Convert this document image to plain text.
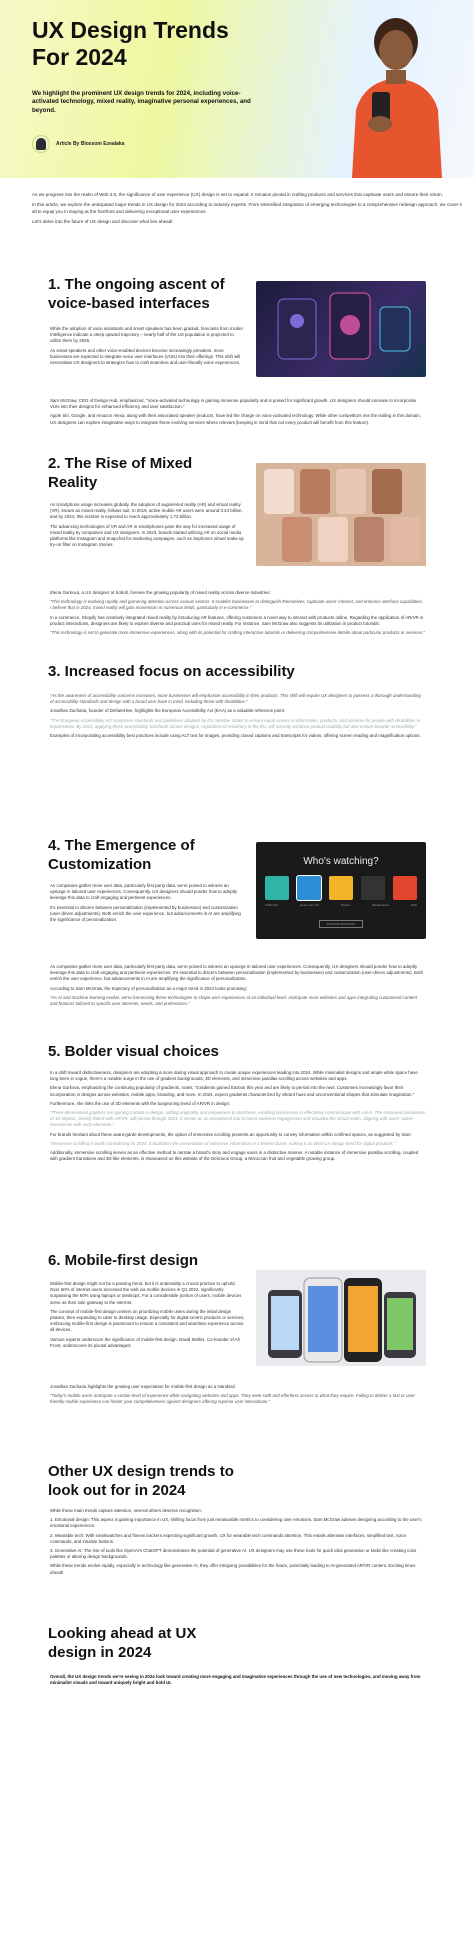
UX Design Trends For 2024
We highlight the prominent UX design trends for 2024, including voice-activated technology, mixed reality, imaginative personal experiences, and beyond.
Article By Blossom Ezealaka

As we progress into the realm of Web 3.0, the significance of user experience (UX) design is set to expand. It remains pivotal in crafting products and services that captivate users and ensure their return.

In this article, we explore the anticipated major trends in UX design for 2024 according to industry experts. From intensified integration of emerging technologies to a comprehensive redesign approach, we cover it all to equip you in staying at the forefront and delivering exceptional user experiences.

Let's delve into the future of UX design and discover what lies ahead!

1. The ongoing ascent of voice-based interfaces

While the adoption of voice assistants and smart speakers has been gradual, forecasts from Insider Intelligence indicate a steep upward trajectory – nearly half of the US population is projected to utilize them by 2026.

As smart speakers and other voice-enabled devices become increasingly prevalent, more businesses are expected to integrate voice user interfaces (VUIs) into their offerings. This shift will necessitate UX designers to strategize how to craft seamless and user-friendly voice experiences.

Sam McGraw, CEO of Design Hub, emphasized, "Voice-activated technology is gaining immense popularity and is poised for significant growth. UX designers should innovate to incorporate VUIs into their designs for enhanced efficiency and user satisfaction."

Apple Siri, Google, and Amazon Alexa, along with their associated speaker products, have led the charge on voice-activated technology. While other competitors rise the trailing in this domain, UX designers can explore imaginative ways to integrate these evolving services where relevant (keeping in mind that not every product will benefit from this feature).

2. The Rise of Mixed Reality

As smartphone usage increases globally, the adoption of augmented reality (AR) and virtual reality (VR), known as mixed reality, follows suit. In 2019, active mobile AR users were around 0.44 billion, and by 2024, this number is expected to reach approximately 1.73 billion.

The advancing technologies of VR and AR in smartphones pave the way for increased usage of mixed reality by companies and UX designers. In 2023, brands started utilizing AR on social media platforms like Instagram and Snapchat for marketing campaigns, such as Sephora's virtual make-up try-on filter on Instagram Stories.

Elena Gurkova, a UX designer at Sobolt, foresee the growing popularity of mixed reality across diverse industries:

"This technology is evolving rapidly and garnering attention across various sectors. It enables businesses to distinguish themselves, captivate users' interest, and enhance interface capabilities. I believe that in 2024, mixed reality will gain momentum in numerous fields, particularly in e-commerce."

In e-commerce, Shopify has creatively integrated mixed reality by introducing AR features, offering customers a novel way to interact with products online. Regarding the application of AR/VR in product interactions, designers are likely to explore diverse and practical uses for mixed reality. For instance, Sam McGraw also suggests its utilization in product tutorials:

"This technology is set to generate more immersive experiences, along with its potential for crafting interactive tutorials or delivering comprehensive details about particular products or services."

3. Increased focus on accessibility

"As the awareness of accessibility concerns increases, more businesses will emphasize accessibility in their products. This shift will require UX designers to possess a thorough understanding of accessibility standards and design with a broad user base in mind, including those with disabilities."

Jonathan Zacharia, founder of DefiantHive, highlights the European Accessibility Act (EAA) as a valuable reference point:

"The European Accessibility Act comprises standards and guidelines adopted by EU member states to ensure equal access to information, products, and services for people with disabilities or impairments. By 2024, applying these accessibility standards across designs, regardless of residency in the EU, will not only enhance product usability but also ensure broader accessibility."

Examples of incorporating accessibility best practices include using ALT text for images, providing closed captions and transcripts for videos, offering screen reading and magnification options.

4. The Emergence of Customization

As companies gather more user data, particularly first-party data, we're poised to witness an upsurge in tailored user experiences. Consequently, UX designers should ponder how to adeptly leverage this data to craft engaging and pertinent experiences.

It's essential to discern between personalization (implemented by businesses) and customization (user-driven adjustments). Both enrich the user experience, but advancements in AI are amplifying the significance of personalization.

Who's watching?
Child Sub	Hear more XP	Parent	Maintenance	Kids
MANAGE PROFILES

As companies gather more user data, particularly first-party data, we're poised to witness an upsurge in tailored user experiences. Consequently, UX designers should ponder how to adeptly leverage this data to craft engaging and pertinent experiences. It's essential to discern between personalization (implemented by businesses) and customization (user-driven adjustments). Both enrich the user experience, but advancements in AI are amplifying the significance of personalization.

According to Sam McGraw, the trajectory of personalization as a major trend in 2024 looks promising:

"As AI and machine learning evolve, we're harnessing these technologies to shape user experiences at an individual level. Anticipate more websites and apps integrating customized content and features tailored to specific user interests, needs, and preferences."

5. Bolder visual choices

In a shift toward distinctiveness, designers are adopting a more daring visual approach to create unique experiences leading into 2024. While minimalist designs and ample white space have long been in vogue, there's a notable surge in the use of gradient backgrounds, 3D elements, and immersive parallax scrolling across websites and apps.

Elena Gurkova, emphasizing the continuing popularity of gradients, notes, "Gradients gained traction this year and are likely to persist into the next. Customers increasingly favor their incorporation in designs across websites, mobile apps, branding, and more. In 2024, expect gradients characterized by vibrant hues and unconventional shapes that stimulate imagination."

Furthermore, she links the use of 3D elements with the burgeoning trend of AR/VR in design:

"Three-dimensional graphics are gaining traction in design, adding originality and uniqueness to interfaces, enabling businesses to effectively communicate with users. The continued prevalence of 3D objects, closely linked with AR/VR, will persist through 2024. It serves as an exceptional tool to boost audience engagement and visualize the virtual realm, aligning with users' active interactions with such elements."

For brands hesitant about these avant-garde developments, the option of immersive scrolling presents an opportunity to convey information within confined spaces, as suggested by Sam:

"Immersive scrolling is worth considering for 2024. It facilitates the presentation of extensive information in a limited space, making it an ideal UX design trend for digital products."

Additionally, immersive scrolling serves as an effective method to narrate a brand's story and engage users in a distinctive manner. A notable instance of immersive parallax scrolling, coupled with gradient transitions and 3D-like elements, is showcased on this website of the Delicious Group, a Moroccan fruit and vegetable growing group.

6. Mobile-first design

Mobile-first design might not be a passing trend, but it is undeniably a crucial practice to uphold. Over 60% of internet users accessed the web via mobile devices in Q1 2022, significantly surpassing the 60% using laptops or desktops. For a considerable portion of users, mobile devices serve as their sole gateway to the internet.

The concept of mobile-first design centers on prioritizing mobile users during the initial design phases, then expanding to cater to desktop usage. Especially for digital-centric products or services, embracing mobile-first design is paramount to ensure a consistent and seamless experience across all devices.

Various experts underscore the significance of mobile-first design. David Stellini, Co-founder of All Front, underscores its pivotal advantages:

Jonathan Zacharia highlights the growing user expectation for mobile-first design as a standard:

"Today's mobile users anticipate a certain level of experience while navigating websites and apps. They seek swift and effortless access to what they require. Failing to deliver a fast or user-friendly mobile experience can hinder your competitiveness against designers offering superior user interactions."

Other UX design trends to look out for in 2024

While these main trends capture attention, several others deserve recognition:

1. Emotional design: This aspect is gaining importance in UX, shifting focus from just measurable metrics to considering user emotions. Sam McGraw advises designing according to the user's emotional experiences.

2. Wearable tech: With smartwatches and fitness trackers expecting significant growth, UX for wearable tech commands attention. This entails alternate interfaces, simplified text, voice commands, and intuitive buttons.

3. Generative AI: The rise of tools like OpenAI's ChatGPT demonstrates the potential of generative AI. UX designers may use these tools for quick idea generation or tasks like creating color palettes or altering design backgrounds.

While these trends evolve rapidly, especially in technology like generative AI, they offer intriguing possibilities for the future, potentially leading to AI-generated AR/VR content. Exciting times ahead!

Looking ahead at UX design in 2024
Overall, the UX design trends we're seeing in 2024 look toward creating more engaging and imaginative experiences through the use of new technologies, and moving away from minimalist visuals and toward uniquely bright and bold UI.
